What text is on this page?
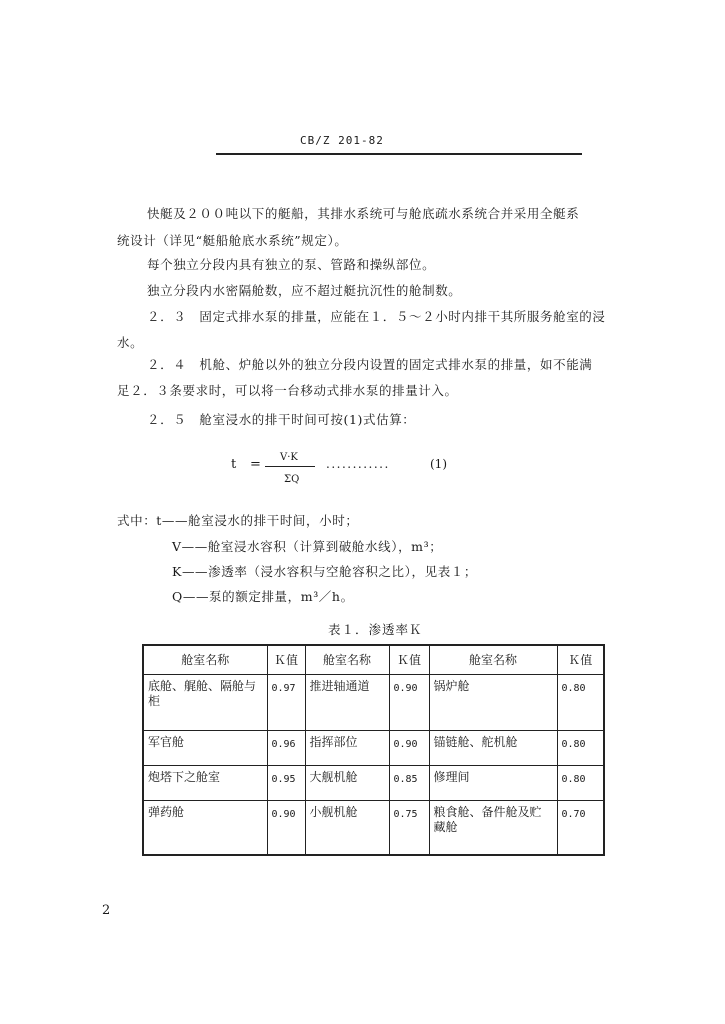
CB/Z 201-82
快艇及２００吨以下的艇船，其排水系统可与舱底疏水系统合并采用全艇系
统设计（详见“艇船舱底水系统”规定）。
每个独立分段内具有独立的泵、管路和操纵部位。
独立分段内水密隔舱数，应不超过艇抗沉性的舱制数。
２．３　固定式排水泵的排量，应能在１．５～２小时内排干其所服务舱室的浸
水。
２．４　机舱、炉舱以外的独立分段内设置的固定式排水泵的排量，如不能满
足２．３条要求时，可以将一台移动式排水泵的排量计入。
２．５　舱室浸水的排干时间可按(1)式估算：
t = V·K
ΣQ
............	(1)
式中：t——舱室浸水的排干时间，小时；
V——舱室浸水容积（计算到破舱水线），m³；
K——渗透率（浸水容积与空舱容积之比），见表１；
Q——泵的额定排量，m³／h。
表１．渗透率Ｋ
舱室名称	Ｋ值	舱室名称	Ｋ值	舱室名称	Ｋ值
底舱、艉舱、隔舱与柜	0.97	推进轴通道	0.90	锅炉舱	0.80
军官舱	0.96	指挥部位	0.90	锚链舱、舵机舱	0.80
炮塔下之舱室	0.95	大舰机舱	0.85	修理间	0.80
弹药舱	0.90	小舰机舱	0.75	粮食舱、备件舱及贮藏舱	0.70
2
